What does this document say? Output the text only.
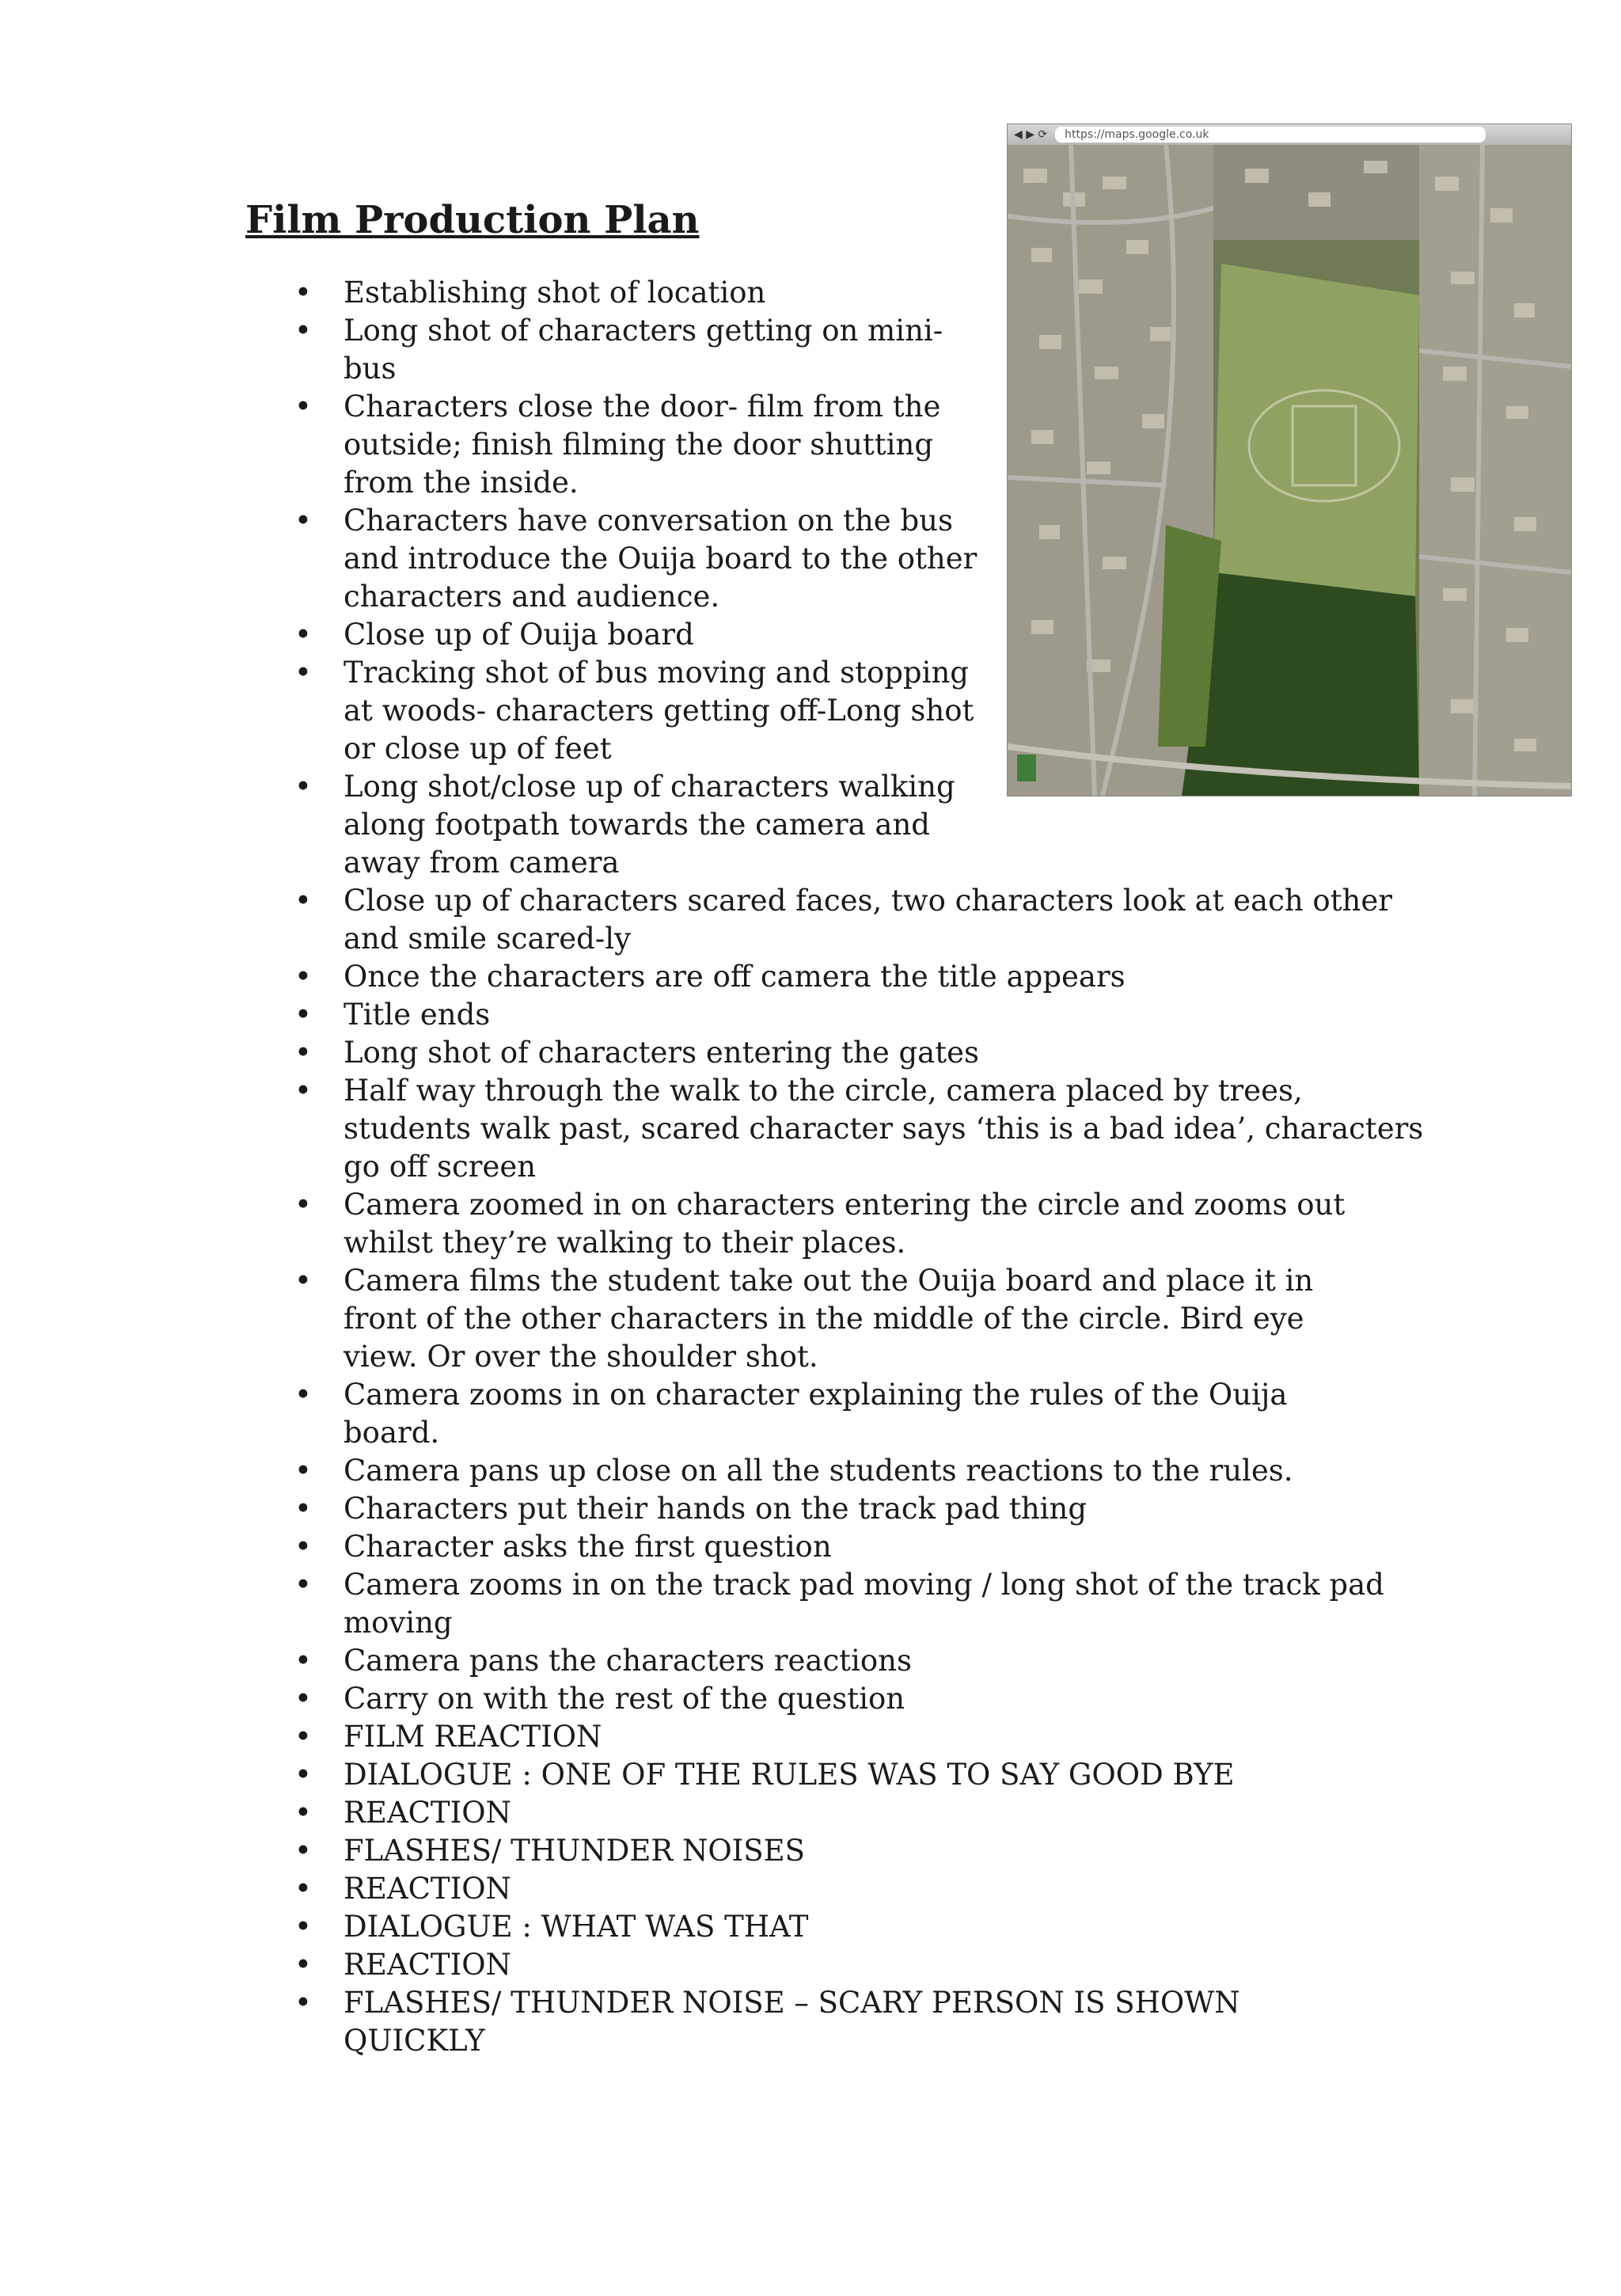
Film Production Plan
◀ ▶ ⟳	https://maps.google.co.uk
• Establishing shot of location
• Long shot of characters getting on mini-bus
• Characters close the door- film from the outside; finish filming the door shutting from the inside.
• Characters have conversation on the bus and introduce the Ouija board to the other characters and audience.
• Close up of Ouija board
• Tracking shot of bus moving and stopping at woods- characters getting off-Long shot or close up of feet
• Long shot/close up of characters walking along footpath towards the camera and away from camera
• Close up of characters scared faces, two characters look at each other and smile scared-ly
• Once the characters are off camera the title appears
• Title ends
• Long shot of characters entering the gates
• Half way through the walk to the circle, camera placed by trees, students walk past, scared character says ‘this is a bad idea’, characters go off screen
• Camera zoomed in on characters entering the circle and zooms out whilst they’re walking to their places.
• Camera films the student take out the Ouija board and place it in front of the other characters in the middle of the circle. Bird eye view. Or over the shoulder shot.
• Camera zooms in on character explaining the rules of the Ouija board.
• Camera pans up close on all the students reactions to the rules.
• Characters put their hands on the track pad thing
• Character asks the first question
• Camera zooms in on the track pad moving / long shot of the track pad moving
• Camera pans the characters reactions
• Carry on with the rest of the question
• FILM REACTION
• DIALOGUE : ONE OF THE RULES WAS TO SAY GOOD BYE
• REACTION
• FLASHES/ THUNDER NOISES
• REACTION
• DIALOGUE : WHAT WAS THAT
• REACTION
• FLASHES/ THUNDER NOISE – SCARY PERSON IS SHOWN QUICKLY
